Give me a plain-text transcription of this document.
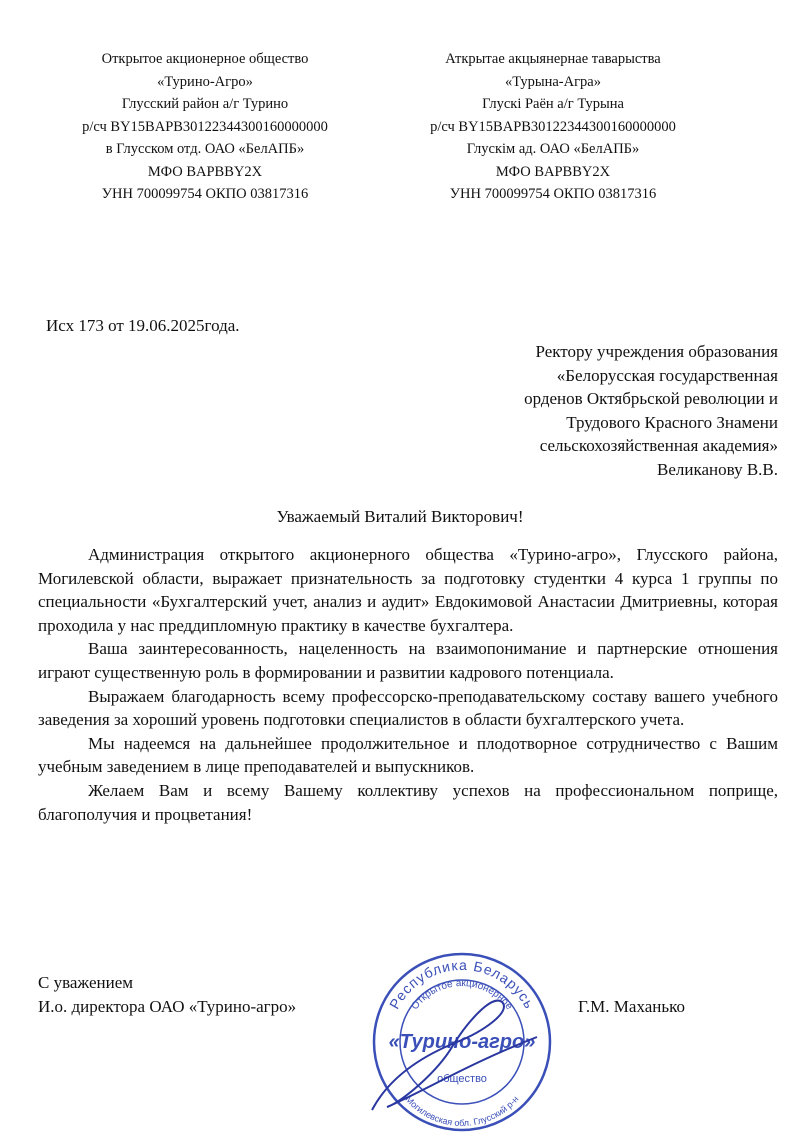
Открытое акционерное общество
«Турино-Агро»
Глусский район а/г Турино
р/сч BY15BAPB30122344300160000000
в Глусском отд. ОАО «БелАПБ»
МФО BAPBBY2X
УНН 700099754 ОКПО 03817316
Аткрытае акцыянернае таварыства
«Турына-Агра»
Глускі Раён а/г Турына
р/сч BY15BAPB30122344300160000000
Глускім ад. ОАО «БелАПБ»
МФО BAPBBY2X
УНН 700099754 ОКПО 03817316
Исх 173 от 19.06.2025года.
Ректору учреждения образования
«Белорусская государственная
орденов Октябрьской революции и
Трудового Красного Знамени
сельскохозяйственная академия»
Великанову В.В.
Уважаемый Виталий Викторович!

Администрация открытого акционерного общества «Турино-агро», Глусского района, Могилевской области, выражает признательность за подготовку студентки 4 курса 1 группы по специальности «Бухгалтерский учет, анализ и аудит» Евдокимовой Анастасии Дмитриевны, которая проходила у нас преддипломную практику в качестве бухгалтера.

Ваша заинтересованность, нацеленность на взаимопонимание и партнерские отношения играют существенную роль в формировании и развитии кадрового потенциала.

Выражаем благодарность всему профессорско-преподавательскому составу вашего учебного заведения за хороший уровень подготовки специалистов в области бухгалтерского учета.

Мы надеемся на дальнейшее продолжительное и плодотворное сотрудничество с Вашим учебным заведением в лице преподавателей и выпускников.

Желаем Вам и всему Вашему коллективу успехов на профессиональном поприще, благополучия и процветания!

Республика Беларусь
Открытое акционерное
«Турино-агро»
общество
Могилевская обл. Глусский р-н
С уважением
И.о. директора ОАО «Турино-агро»	Г.М. Маханько
